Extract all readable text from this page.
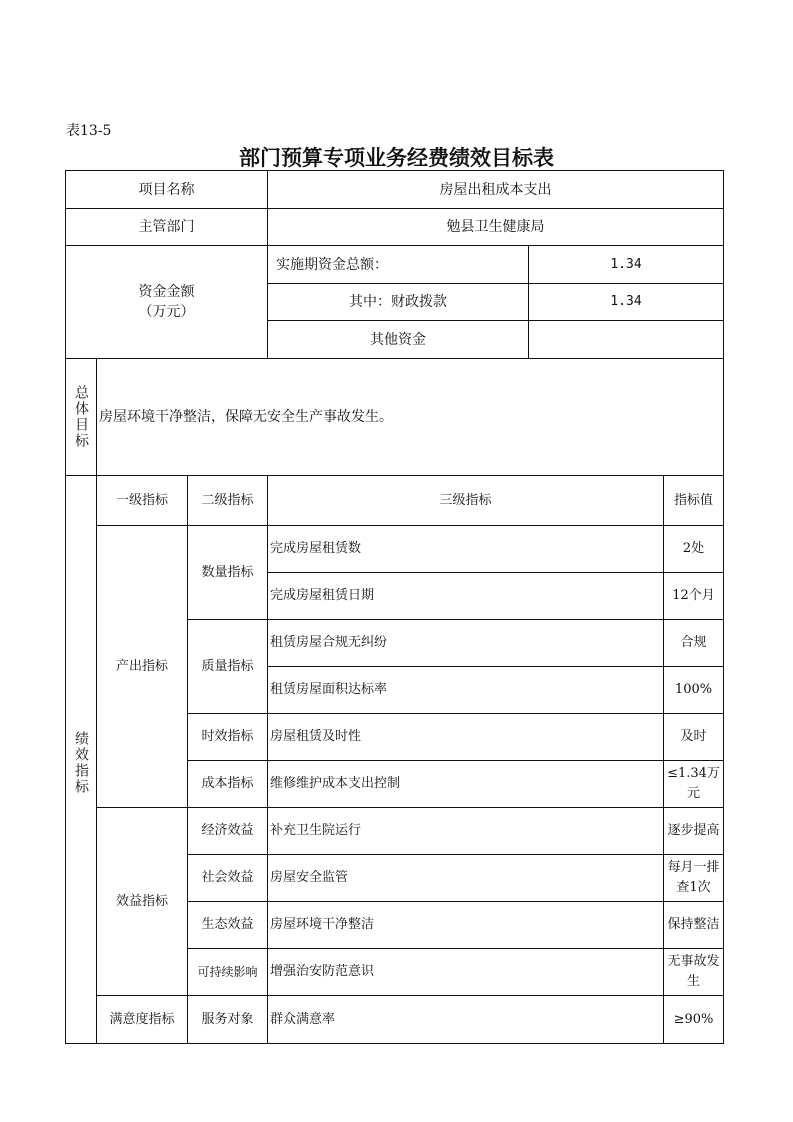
表13-5
部门预算专项业务经费绩效目标表
项目名称			房屋出租成本支出		
主管部门			勉县卫生健康局		

资金金额
（万元）			实施期资金总额：	1.34	
			其中：财政拨款	1.34	
			其他资金		

总体目标	房屋环境干净整洁，保障无安全生产事故发生。				

绩效指标	一级指标	二级指标	三级指标		指标值
	产出指标	数量指标	完成房屋租赁数		2处
			完成房屋租赁日期		12个月
		质量指标	租赁房屋合规无纠纷		合规
			租赁房屋面积达标率		100%
		时效指标	房屋租赁及时性		及时
		成本指标	维修维护成本支出控制		≤1.34万元
	效益指标	经济效益	补充卫生院运行		逐步提高
		社会效益	房屋安全监管		每月一排查1次
		生态效益	房屋环境干净整洁		保持整洁
		可持续影响	增强治安防范意识		无事故发生
	满意度指标	服务对象	群众满意率		≥90%
